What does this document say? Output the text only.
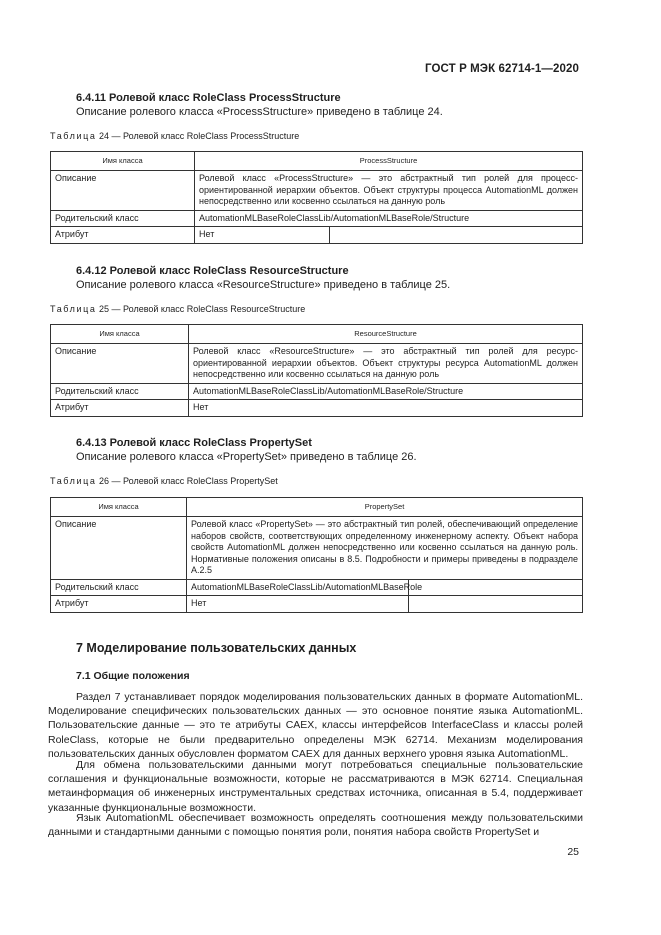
ГОСТ Р МЭК 62714-1—2020
6.4.11 Ролевой класс RoleClass ProcessStructure
Описание ролевого класса «ProcessStructure» приведено в таблице 24.
Таблица 24 — Ролевой класс RoleClass ProcessStructure
Имя класса	ProcessStructure	
Описание	Ролевой класс «ProcessStructure» — это абстрактный тип ролей для процесс-ориентированной иерархии объектов. Объект структуры процесса AutomationML должен непосредственно или косвенно ссылаться на данную роль	
Родительский класс	AutomationMLBaseRoleClassLib/AutomationMLBaseRole/Structure	
Атрибут	Нет	
6.4.12 Ролевой класс RoleClass ResourceStructure
Описание ролевого класса «ResourceStructure» приведено в таблице 25.
Таблица 25 — Ролевой класс RoleClass ResourceStructure
Имя класса	ResourceStructure
Описание	Ролевой класс «ResourceStructure» — это абстрактный тип ролей для ресурс-ориентированной иерархии объектов. Объект структуры ресурса AutomationML должен непосредственно или косвенно ссылаться на данную роль
Родительский класс	AutomationMLBaseRoleClassLib/AutomationMLBaseRole/Structure
Атрибут	Нет
6.4.13 Ролевой класс RoleClass PropertySet
Описание ролевого класса «PropertySet» приведено в таблице 26.
Таблица 26 — Ролевой класс RoleClass PropertySet
Имя класса	PropertySet	
Описание	Ролевой класс «PropertySet» — это абстрактный тип ролей, обеспечивающий определение наборов свойств, соответствующих определенному инженерному аспекту. Объект набора свойств AutomationML должен непосредственно или косвенно ссылаться на данную роль. Нормативные положения описаны в 8.5. Подробности и примеры приведены в подразделе А.2.5	
Родительский класс	AutomationMLBaseRoleClassLib/AutomationMLBaseRole	
Атрибут	Нет	
7 Моделирование пользовательских данных
7.1 Общие положения
Раздел 7 устанавливает порядок моделирования пользовательских данных в формате AutomationML. Моделирование специфических пользовательских данных — это основное понятие языка AutomationML. Пользовательские данные — это те атрибуты CAEX, классы интерфейсов InterfaceClass и классы ролей RoleClass, которые не были предварительно определены МЭК 62714. Механизм моделирования пользовательских данных обусловлен форматом CAEX для данных верхнего уровня языка AutomationML.
Для обмена пользовательскими данными могут потребоваться специальные пользовательские соглашения и функциональные возможности, которые не рассматриваются в МЭК 62714. Специальная метаинформация об инженерных инструментальных средствах источника, описанная в 5.4, поддерживает указанные функциональные возможности.
Язык AutomationML обеспечивает возможность определять соотношения между пользовательскими данными и стандартными данными с помощью понятия роли, понятия набора свойств PropertySet и
25
